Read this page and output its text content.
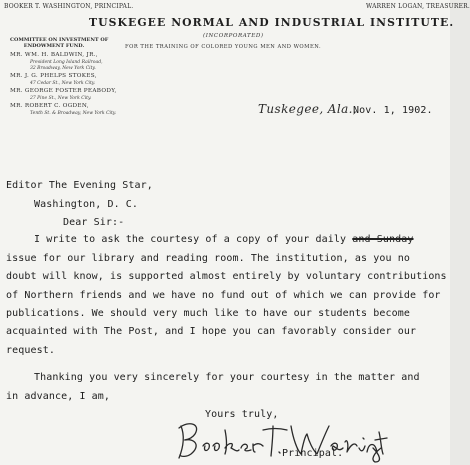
BOOKER T. WASHINGTON, PRINCIPAL.	WARREN LOGAN, TREASURER.
TUSKEGEE NORMAL AND INDUSTRIAL INSTITUTE.
(INCORPORATED)
FOR THE TRAINING OF COLORED YOUNG MEN AND WOMEN.
COMMITTEE ON INVESTMENT OF
ENDOWMENT FUND.
MR. WM. H. BALDWIN, JR.,
President Long Island Railroad,
32 Broadway, New York City.
MR. J. G. PHELPS STOKES,
47 Cedar St., New York City.
MR. GEORGE FOSTER PEABODY,
27 Pine St., New York City.
MR. ROBERT C. OGDEN,
Tenth St. & Broadway, New York City.	Tuskegee, Ala.,
Nov. 1, 1902.
Editor The Evening Star,
Washington, D. C.
Dear Sir:-
I write to ask the courtesy of a copy of your daily and Sunday
issue for our library and reading room. The institution, as you no
doubt will know, is supported almost entirely by voluntary contributions
of Northern friends and we have no fund out of which we can provide for
publications. We should very much like to have our students become
acquainted with The Post, and I hope you can favorably consider our
request.
Thanking you very sincerely for your courtesy in the matter and
in advance, I am,
Yours truly,
Principal.
